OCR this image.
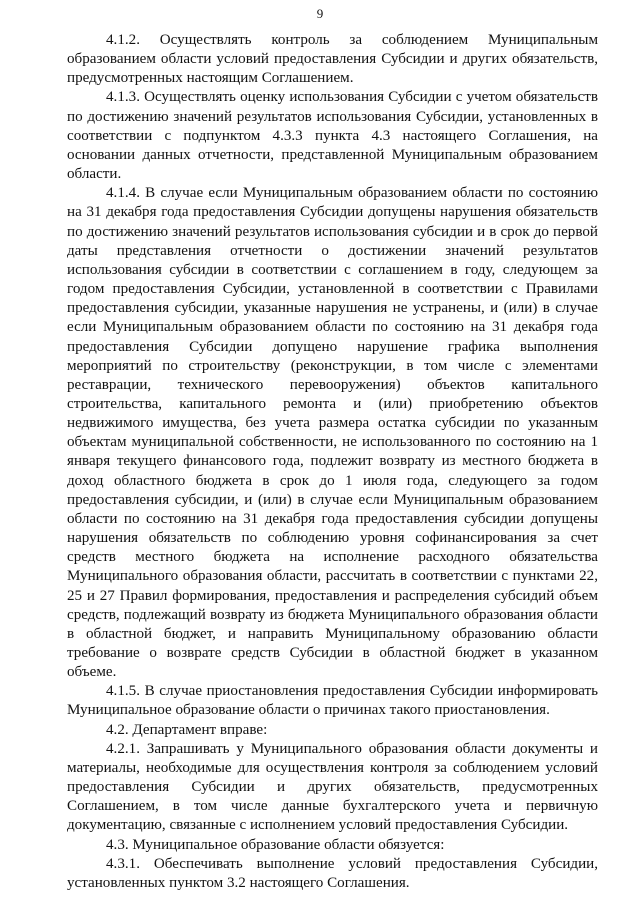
9

4.1.2. Осуществлять контроль за соблюдением Муниципальным образованием области условий предоставления Субсидии и других обязательств, предусмотренных настоящим Соглашением.

4.1.3. Осуществлять оценку использования Субсидии с учетом обязательств по достижению значений результатов использования Субсидии, установленных в соответствии с подпунктом 4.3.3 пункта 4.3 настоящего Соглашения, на основании данных отчетности, представленной Муниципальным образованием области.

4.1.4. В случае если Муниципальным образованием области по состоянию на 31 декабря года предоставления Субсидии допущены нарушения обязательств по достижению значений результатов использования субсидии и в срок до первой даты представления отчетности о достижении значений результатов использования субсидии в соответствии с соглашением в году, следующем за годом предоставления Субсидии, установленной в соответствии с Правилами предоставления субсидии, указанные нарушения не устранены, и (или) в случае если Муниципальным образованием области по состоянию на 31 декабря года предоставления Субсидии допущено нарушение графика выполнения мероприятий по строительству (реконструкции, в том числе с элементами реставрации, технического перевооружения) объектов капитального строительства, капитального ремонта и (или) приобретению объектов недвижимого имущества, без учета размера остатка субсидии по указанным объектам муниципальной собственности, не использованного по состоянию на 1 января текущего финансового года, подлежит возврату из местного бюджета в доход областного бюджета в срок до 1 июля года, следующего за годом предоставления субсидии, и (или) в случае если Муниципальным образованием области по состоянию на 31 декабря года предоставления субсидии допущены нарушения обязательств по соблюдению уровня софинансирования за счет средств местного бюджета на исполнение расходного обязательства Муниципального образования области, рассчитать в соответствии с пунктами 22, 25 и 27 Правил формирования, предоставления и распределения субсидий объем средств, подлежащий возврату из бюджета Муниципального образования области в областной бюджет, и направить Муниципальному образованию области требование о возврате средств Субсидии в областной бюджет в указанном объеме.

4.1.5. В случае приостановления предоставления Субсидии информировать Муниципальное образование области о причинах такого приостановления.

4.2. Департамент вправе:

4.2.1. Запрашивать у Муниципального образования области документы и материалы, необходимые для осуществления контроля за соблюдением условий предоставления Субсидии и других обязательств, предусмотренных Соглашением, в том числе данные бухгалтерского учета и первичную документацию, связанные с исполнением условий предоставления Субсидии.

4.3. Муниципальное образование области обязуется:

4.3.1. Обеспечивать выполнение условий предоставления Субсидии, установленных пунктом 3.2 настоящего Соглашения.
